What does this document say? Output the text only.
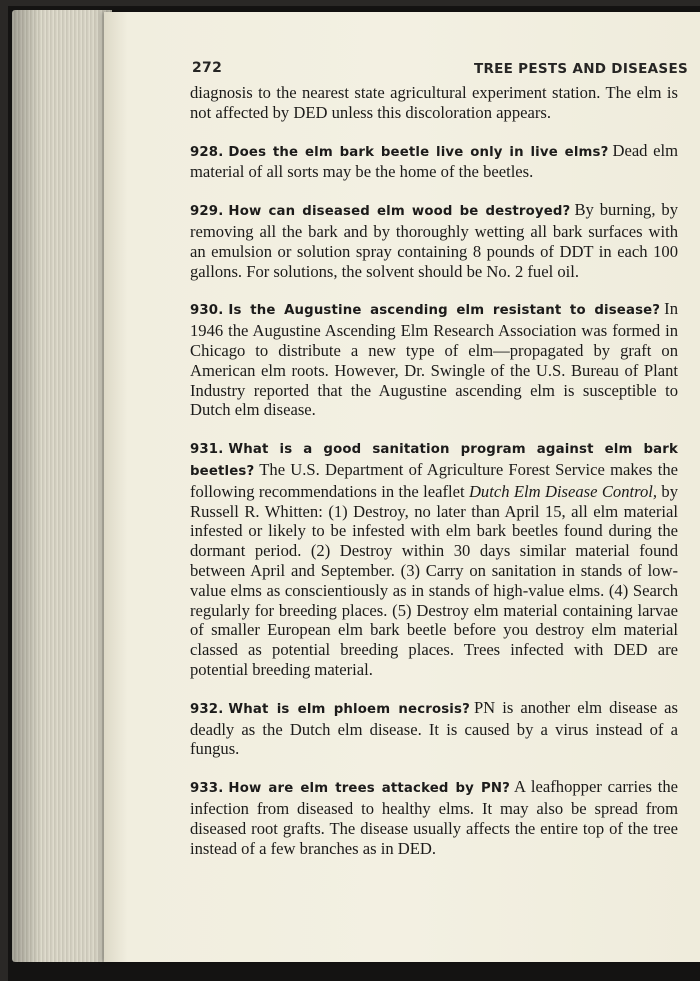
272	TREE PESTS AND DISEASES

diagnosis to the nearest state agricultural experiment station. The elm is not affected by DED unless this discoloration appears.

928. Does the elm bark beetle live only in live elms? Dead elm material of all sorts may be the home of the beetles.

929. How can diseased elm wood be destroyed? By burning, by removing all the bark and by thoroughly wetting all bark surfaces with an emulsion or solution spray containing 8 pounds of DDT in each 100 gallons. For solutions, the solvent should be No. 2 fuel oil.

930. Is the Augustine ascending elm resistant to disease? In 1946 the Augustine Ascending Elm Research Association was formed in Chicago to distribute a new type of elm—propagated by graft on American elm roots. However, Dr. Swingle of the U.S. Bureau of Plant Industry reported that the Augustine ascending elm is susceptible to Dutch elm disease.

931. What is a good sanitation program against elm bark beetles? The U.S. Department of Agriculture Forest Service makes the following recommendations in the leaflet Dutch Elm Disease Control, by Russell R. Whitten: (1) Destroy, no later than April 15, all elm material infested or likely to be infested with elm bark beetles found during the dormant period. (2) Destroy within 30 days similar material found between April and September. (3) Carry on sanitation in stands of low-value elms as conscientiously as in stands of high-value elms. (4) Search regularly for breeding places. (5) Destroy elm material containing larvae of smaller European elm bark beetle before you destroy elm material classed as potential breeding places. Trees infected with DED are potential breeding material.

932. What is elm phloem necrosis? PN is another elm disease as deadly as the Dutch elm disease. It is caused by a virus instead of a fungus.

933. How are elm trees attacked by PN? A leafhopper carries the infection from diseased to healthy elms. It may also be spread from diseased root grafts. The disease usually affects the entire top of the tree instead of a few branches as in DED.
